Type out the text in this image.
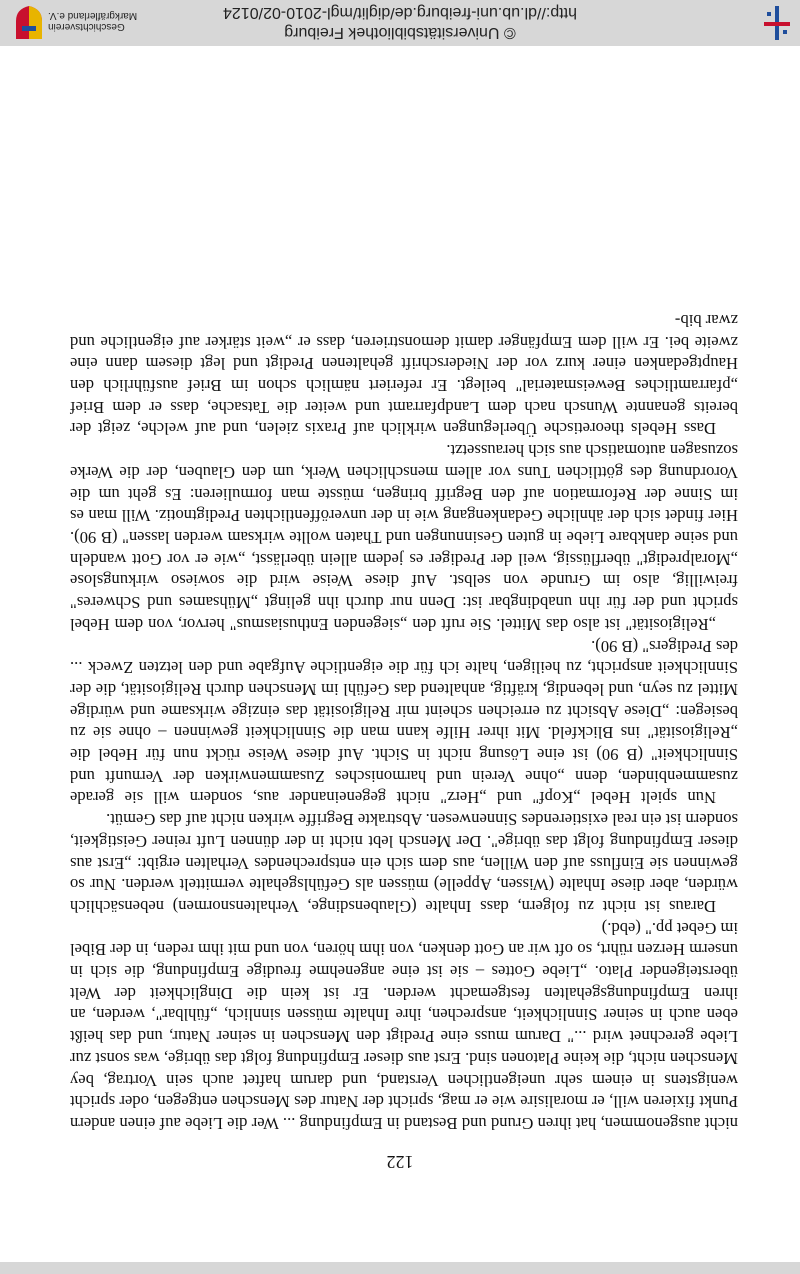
122

nicht ausgenommen, hat ihren Grund und Bestand in Empfindung ... Wer die Liebe auf einen andern Punkt fixieren will, er moralisire wie er mag, spricht der Natur des Menschen entgegen, oder spricht wenigstens in einem sehr uneigentlichen Verstand, und darum haftet auch sein Vortrag, bey Menschen nicht, die keine Platonen sind. Erst aus dieser Empfindung folgt das übrige, was sonst zur Liebe gerechnet wird ..." Darum muss eine Predigt den Menschen in seiner Natur, und das heißt eben auch in seiner Sinnlichkeit, ansprechen, ihre Inhalte müssen sinnlich, „fühlbar", werden, an ihren Empfindungsgehalten festgemacht werden. Er ist kein die Dinglichkeit der Welt übersteigender Plato. „Liebe Gottes – sie ist eine angenehme freudige Empfindung, die sich in unserm Herzen rührt, so oft wir an Gott denken, von ihm hören, von und mit ihm reden, in der Bibel im Gebet pp." (ebd.)

Daraus ist nicht zu folgern, dass Inhalte (Glaubensdinge, Verhaltensnormen) nebensächlich würden, aber diese Inhalte (Wissen, Appelle) müssen als Gefühlsgehalte vermittelt werden. Nur so gewinnen sie Einfluss auf den Willen, aus dem sich ein entsprechendes Verhalten ergibt: „Erst aus dieser Empfindung folgt das übrige". Der Mensch lebt nicht in der dünnen Luft reiner Geistigkeit, sondern ist ein real existierendes Sinnenwesen. Abstrakte Begriffe wirken nicht auf das Gemüt.

Nun spielt Hebel „Kopf" und „Herz" nicht gegeneinander aus, sondern will sie gerade zusammenbinden, denn „ohne Verein und harmonisches Zusammenwirken der Vernunft und Sinnlichkeit" (B 90) ist eine Lösung nicht in Sicht. Auf diese Weise rückt nun für Hebel die „Religiosität" ins Blickfeld. Mit ihrer Hilfe kann man die Sinnlichkeit gewinnen – ohne sie zu besiegen: „Diese Absicht zu erreichen scheint mir Religiosität das einzige wirksame und würdige Mittel zu seyn, und lebendig, kräftig, anhaltend das Gefühl im Menschen durch Religiosität, die der Sinnlichkeit anspricht, zu heiligen, halte ich für die eigentliche Aufgabe und den letzten Zweck ... des Predigers" (B 90).

„Religiosität" ist also das Mittel. Sie ruft den „siegenden Enthusiasmus" hervor, von dem Hebel spricht und der für ihn unabdingbar ist: Denn nur durch ihn gelingt „Mühsames und Schweres" freiwillig, also im Grunde von selbst. Auf diese Weise wird die sowieso wirkungslose „Moralpredigt" überflüssig, weil der Prediger es jedem allein überlässt, „wie er vor Gott wandeln und seine dankbare Liebe in guten Gesinnungen und Thaten wollte wirksam werden lassen" (B 90). Hier findet sich der ähnliche Gedankengang wie in der unveröffentlichten Predigtnotiz. Will man es im Sinne der Reformation auf den Begriff bringen, müsste man formulieren: Es geht um die Vorordnung des göttlichen Tuns vor allem menschlichen Werk, um den Glauben, der die Werke sozusagen automatisch aus sich heraussetzt.

Dass Hebels theoretische Überlegungen wirklich auf Praxis zielen, und auf welche, zeigt der bereits genannte Wunsch nach dem Landpfarramt und weiter die Tatsache, dass er dem Brief „pfarramtliches Beweismaterial" beilegt. Er referiert nämlich schon im Brief ausführlich den Hauptgedanken einer kurz vor der Niederschrift gehaltenen Predigt und legt diesem dann eine zweite bei. Er will dem Empfänger damit demonstrieren, dass er „weit stärker auf eigentliche und zwar bib-

© Universitätsbibliothek Freiburg
http://dl.ub.uni-freiburg.de/diglit/mgl-2010-02/0124
Geschichtsverein
Markgräflerland e.V.
